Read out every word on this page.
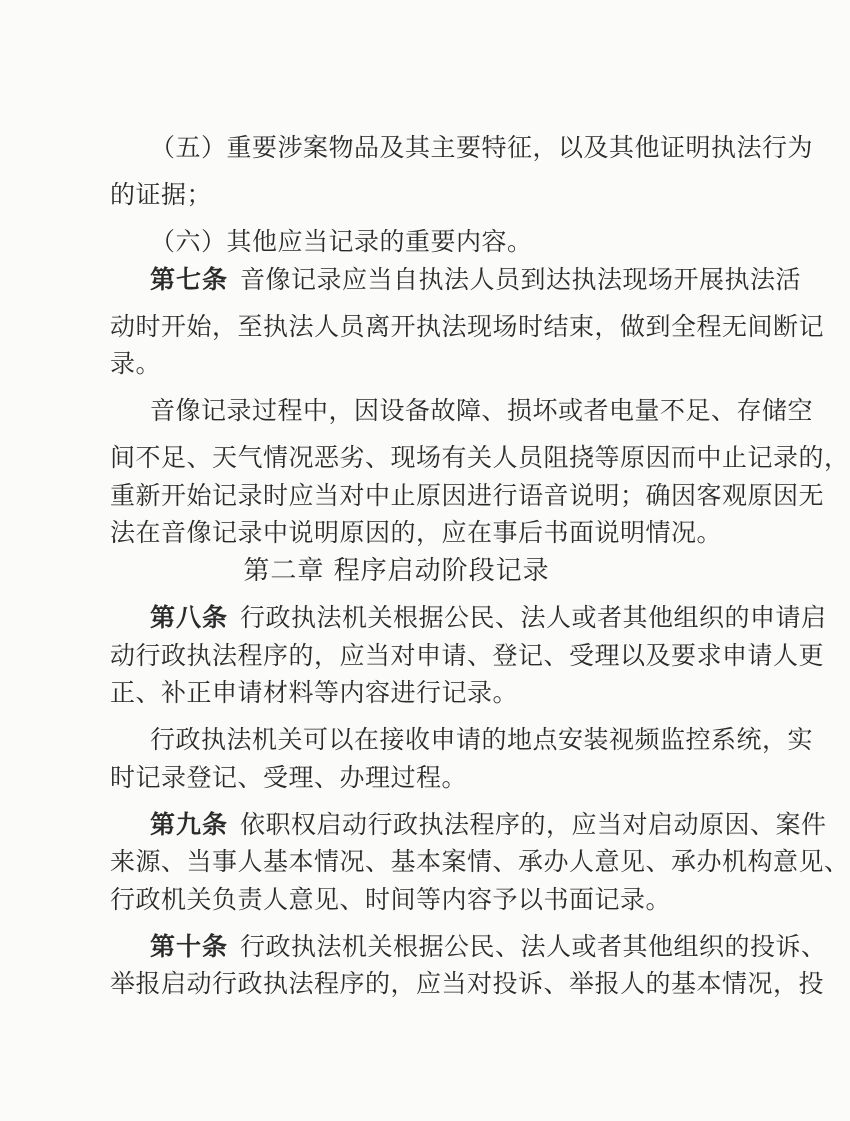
（五）重要涉案物品及其主要特征，以及其他证明执法行为
的证据；
（六）其他应当记录的重要内容。
第七条 音像记录应当自执法人员到达执法现场开展执法活
动时开始，至执法人员离开执法现场时结束，做到全程无间断记
录。
音像记录过程中，因设备故障、损坏或者电量不足、存储空
间不足、天气情况恶劣、现场有关人员阻挠等原因而中止记录的，
重新开始记录时应当对中止原因进行语音说明；确因客观原因无
法在音像记录中说明原因的，应在事后书面说明情况。
第二章 程序启动阶段记录
第八条 行政执法机关根据公民、法人或者其他组织的申请启
动行政执法程序的，应当对申请、登记、受理以及要求申请人更
正、补正申请材料等内容进行记录。
行政执法机关可以在接收申请的地点安装视频监控系统，实
时记录登记、受理、办理过程。
第九条 依职权启动行政执法程序的，应当对启动原因、案件
来源、当事人基本情况、基本案情、承办人意见、承办机构意见、
行政机关负责人意见、时间等内容予以书面记录。
第十条 行政执法机关根据公民、法人或者其他组织的投诉、
举报启动行政执法程序的，应当对投诉、举报人的基本情况，投
